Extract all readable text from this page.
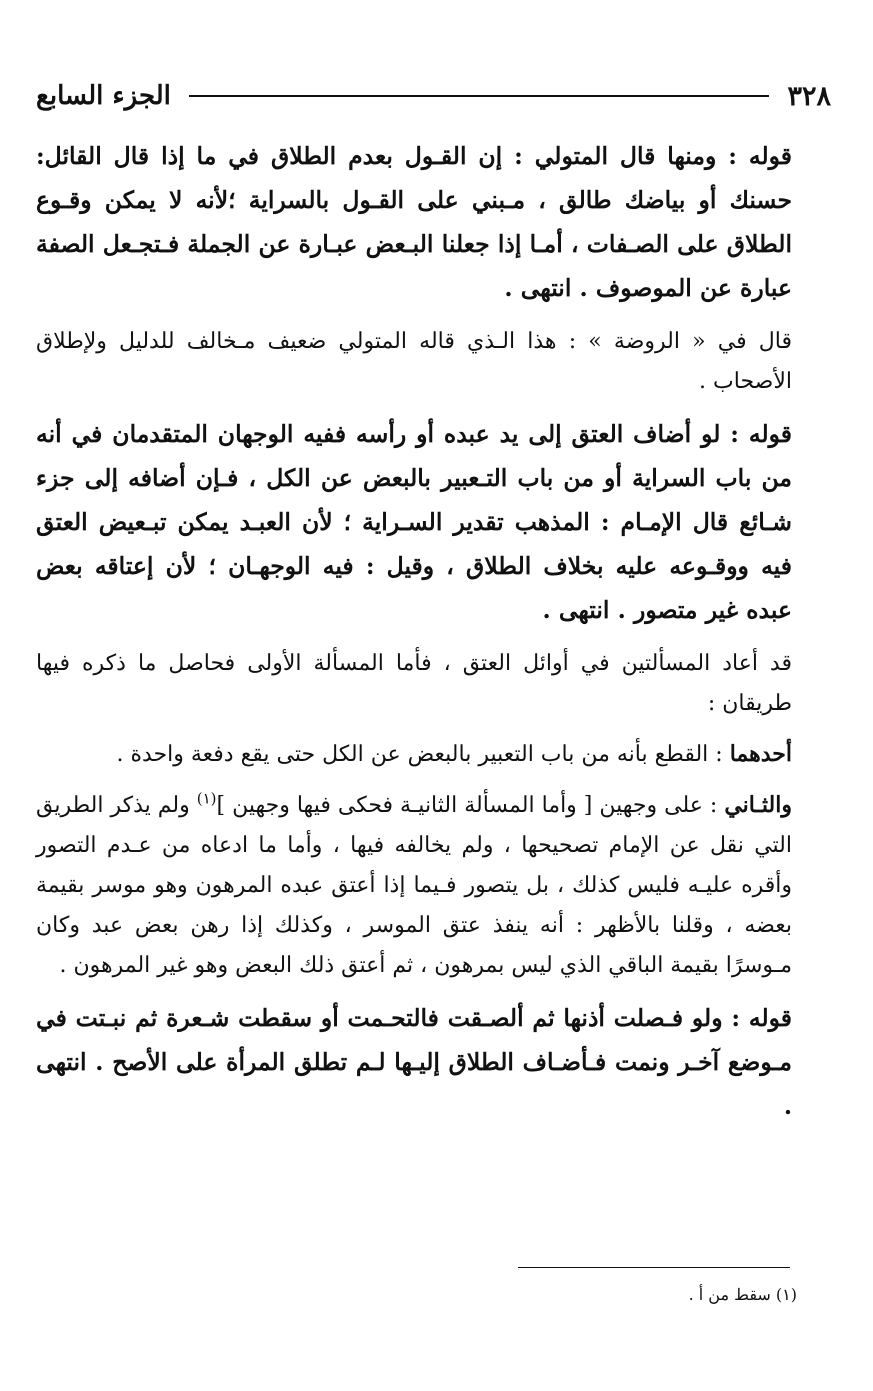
٣٢٨
الجزء السابع

قوله : ومنها قال المتولي : إن القـول بعدم الطلاق في ما إذا قال القائل: حسنك أو بياضك طالق ، مـبني على القـول بالسراية ؛لأنه لا يمكن وقـوع الطلاق على الصـفات ، أمـا إذا جعلنا البـعض عبـارة عن الجملة فـتجـعل الصفة عبارة عن الموصوف . انتهى .

قال في « الروضة » : هذا الـذي قاله المتولي ضعيف مـخالف للدليل ولإطلاق الأصحاب .

قوله : لو أضاف العتق إلى يد عبده أو رأسه ففيه الوجهان المتقدمان في أنه من باب السراية أو من باب التـعبير بالبعض عن الكل ، فـإن أضافه إلى جزء شـائع قال الإمـام : المذهب تقدير السـراية ؛ لأن العبـد يمكن تبـعيض العتق فيه ووقـوعه عليه بخلاف الطلاق ، وقيل : فيه الوجهـان ؛ لأن إعتاقه بعض عبده غير متصور . انتهى .

قد أعاد المسألتين في أوائل العتق ، فأما المسألة الأولى فحاصل ما ذكره فيها طريقان :

أحدهما : القطع بأنه من باب التعبير بالبعض عن الكل حتى يقع دفعة واحدة .

والثـاني : على وجهين [ وأما المسألة الثانيـة فحكى فيها وجهين ]$^{(١)}$ ولم يذكر الطريق التي نقل عن الإمام تصحيحها ، ولم يخالفه فيها ، وأما ما ادعاه من عـدم التصور وأقره عليـه فليس كذلك ، بل يتصور فـيما إذا أعتق عبده المرهون وهو موسر بقيمة بعضه ، وقلنا بالأظهر : أنه ينفذ عتق الموسر ، وكذلك إذا رهن بعض عبد وكان مـوسرًا بقيمة الباقي الذي ليس بمرهون ، ثم أعتق ذلك البعض وهو غير المرهون .

قوله : ولو فـصلت أذنها ثم ألصـقت فالتحـمت أو سقطت شـعرة ثم نبـتت في مـوضع آخـر ونمت فـأضـاف الطلاق إليـها لـم تطلق المرأة على الأصح . انتهى .

(١) سقط من أ .
